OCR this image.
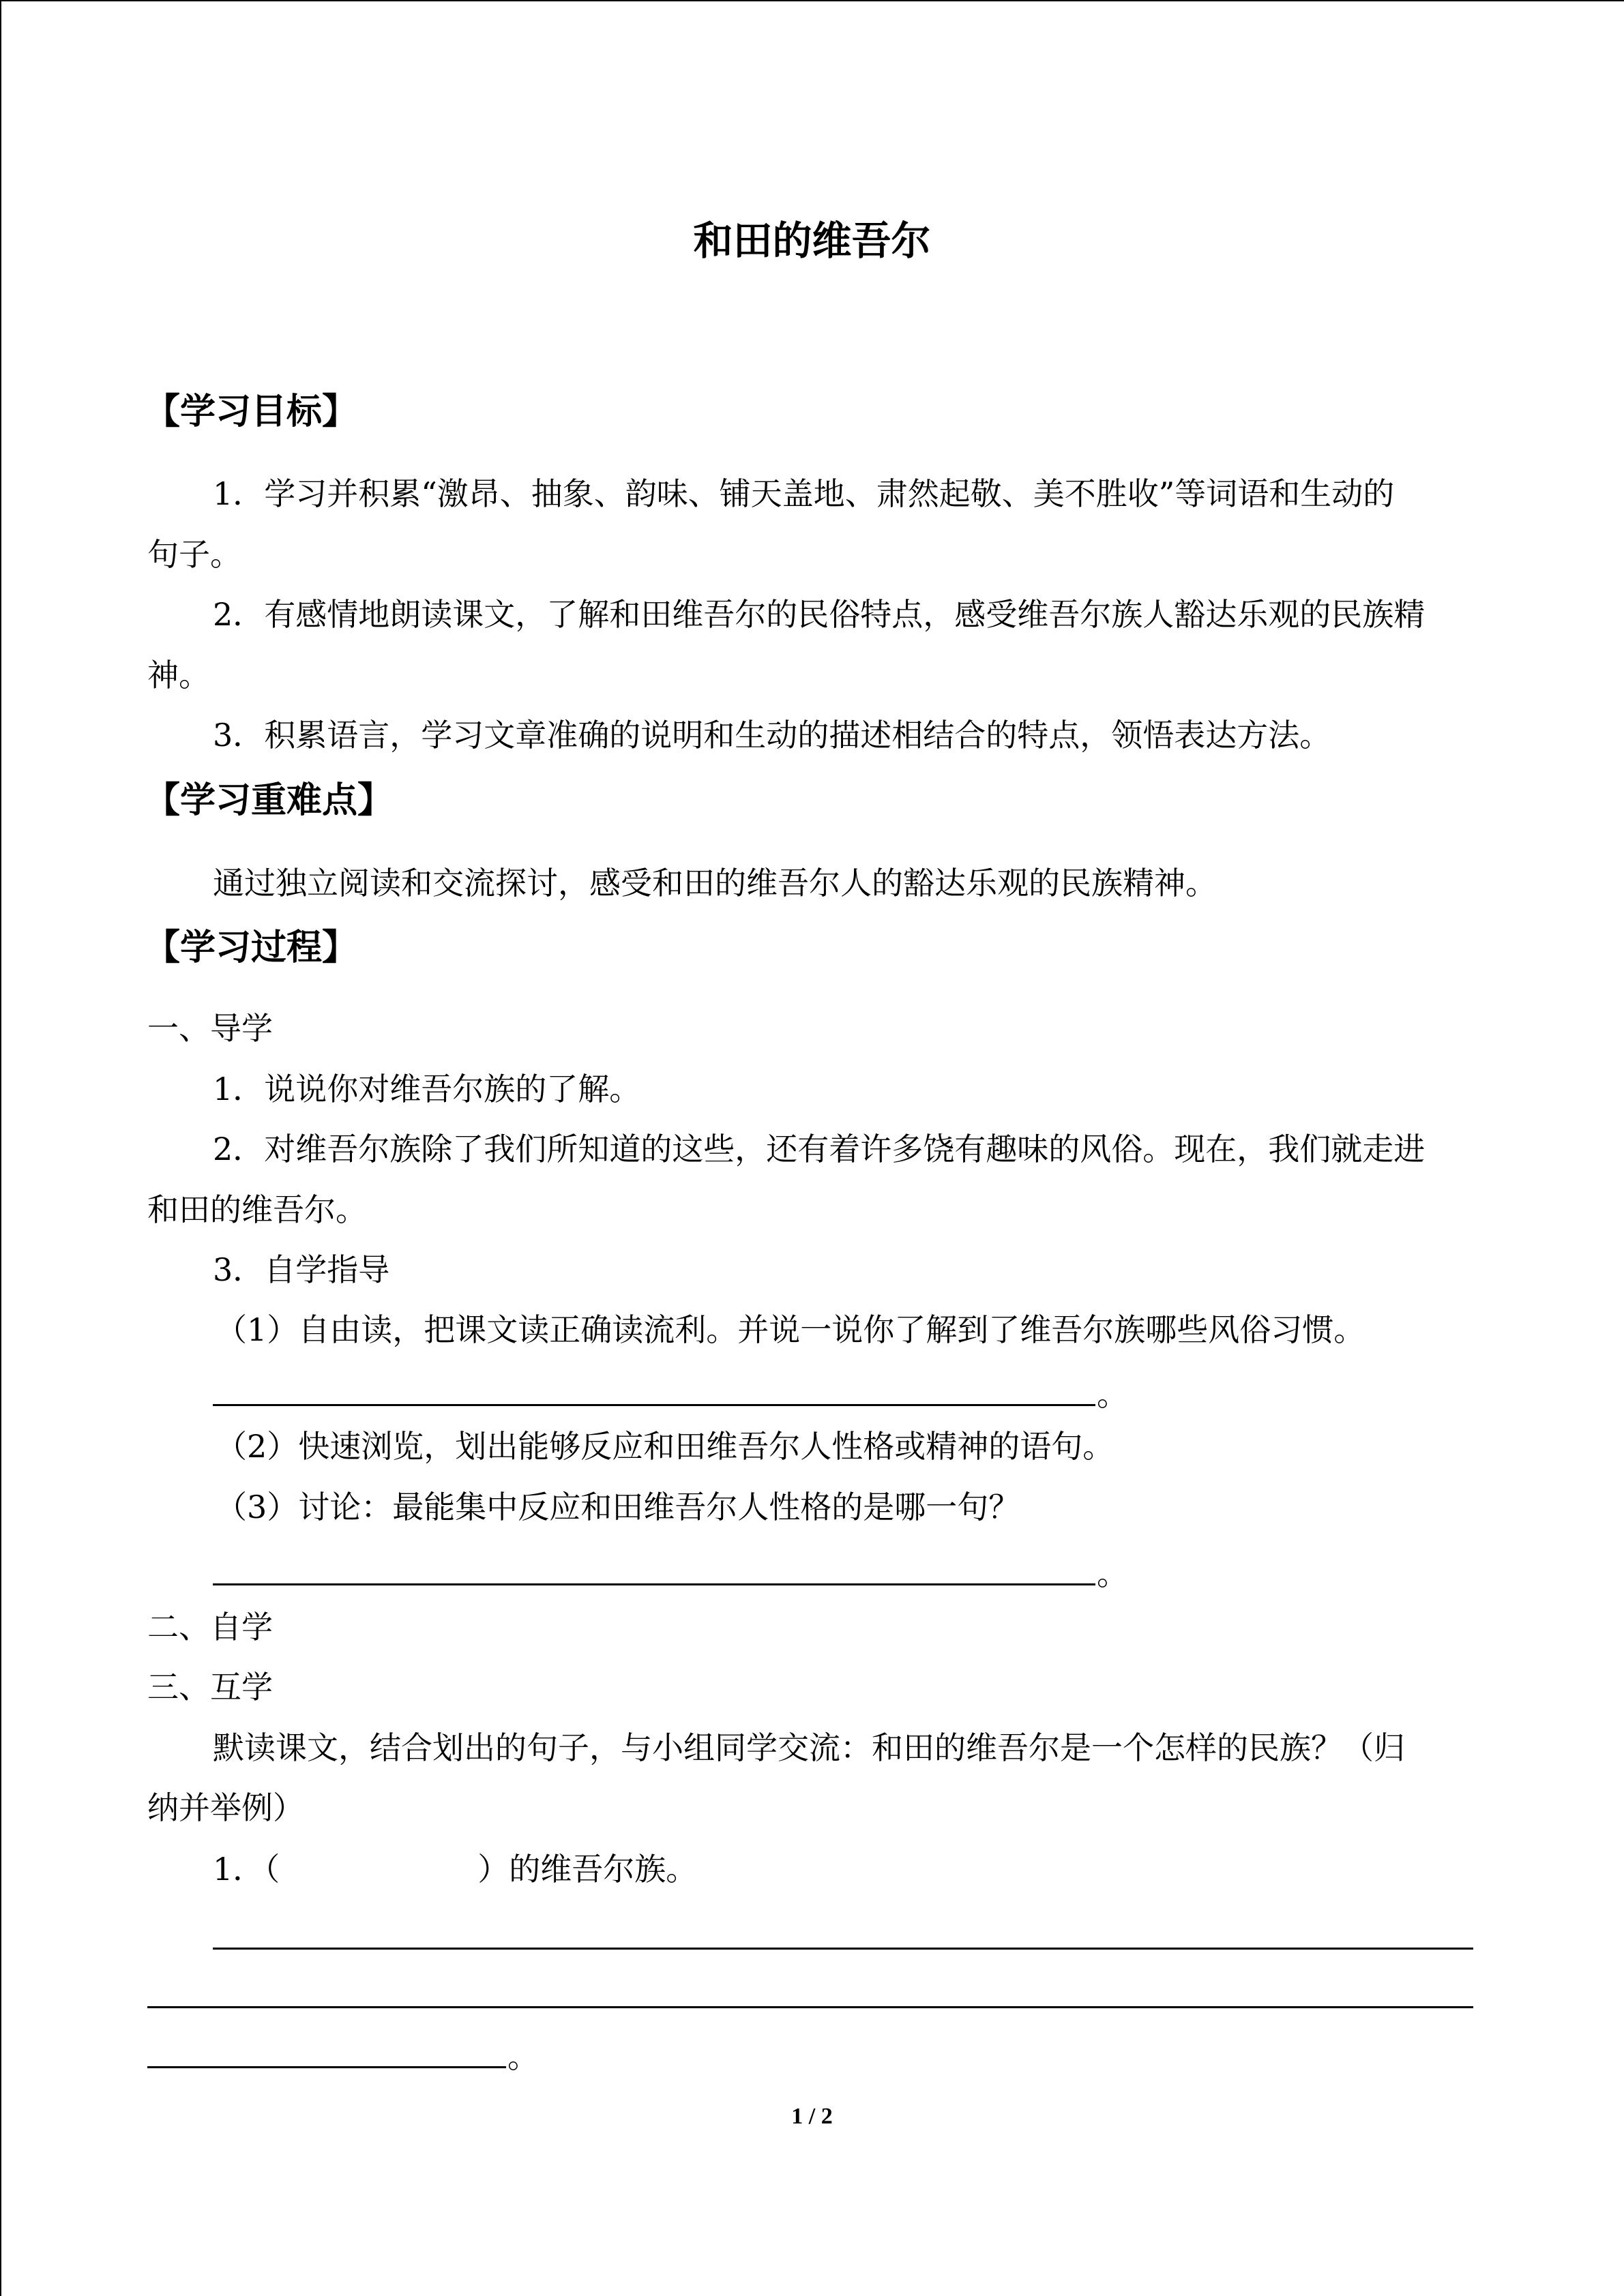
和田的维吾尔
【学习目标】
1．学习并积累“激昂、抽象、韵味、铺天盖地、肃然起敬、美不胜收”等词语和生动的
句子。
2．有感情地朗读课文，了解和田维吾尔的民俗特点，感受维吾尔族人豁达乐观的民族精
神。
3．积累语言，学习文章准确的说明和生动的描述相结合的特点，领悟表达方法。
【学习重难点】
通过独立阅读和交流探讨，感受和田的维吾尔人的豁达乐观的民族精神。
【学习过程】
一、导学
1．说说你对维吾尔族的了解。
2．对维吾尔族除了我们所知道的这些，还有着许多饶有趣味的风俗。现在，我们就走进
和田的维吾尔。
3．自学指导
（1）自由读，把课文读正确读流利。并说一说你了解到了维吾尔族哪些风俗习惯。
。
（2）快速浏览，划出能够反应和田维吾尔人性格或精神的语句。
（3）讨论：最能集中反应和田维吾尔人性格的是哪一句？
。
二、自学
三、互学
默读课文，结合划出的句子，与小组同学交流：和田的维吾尔是一个怎样的民族？（归
纳并举例）
1．（	）的维吾尔族。
。
1 / 2
